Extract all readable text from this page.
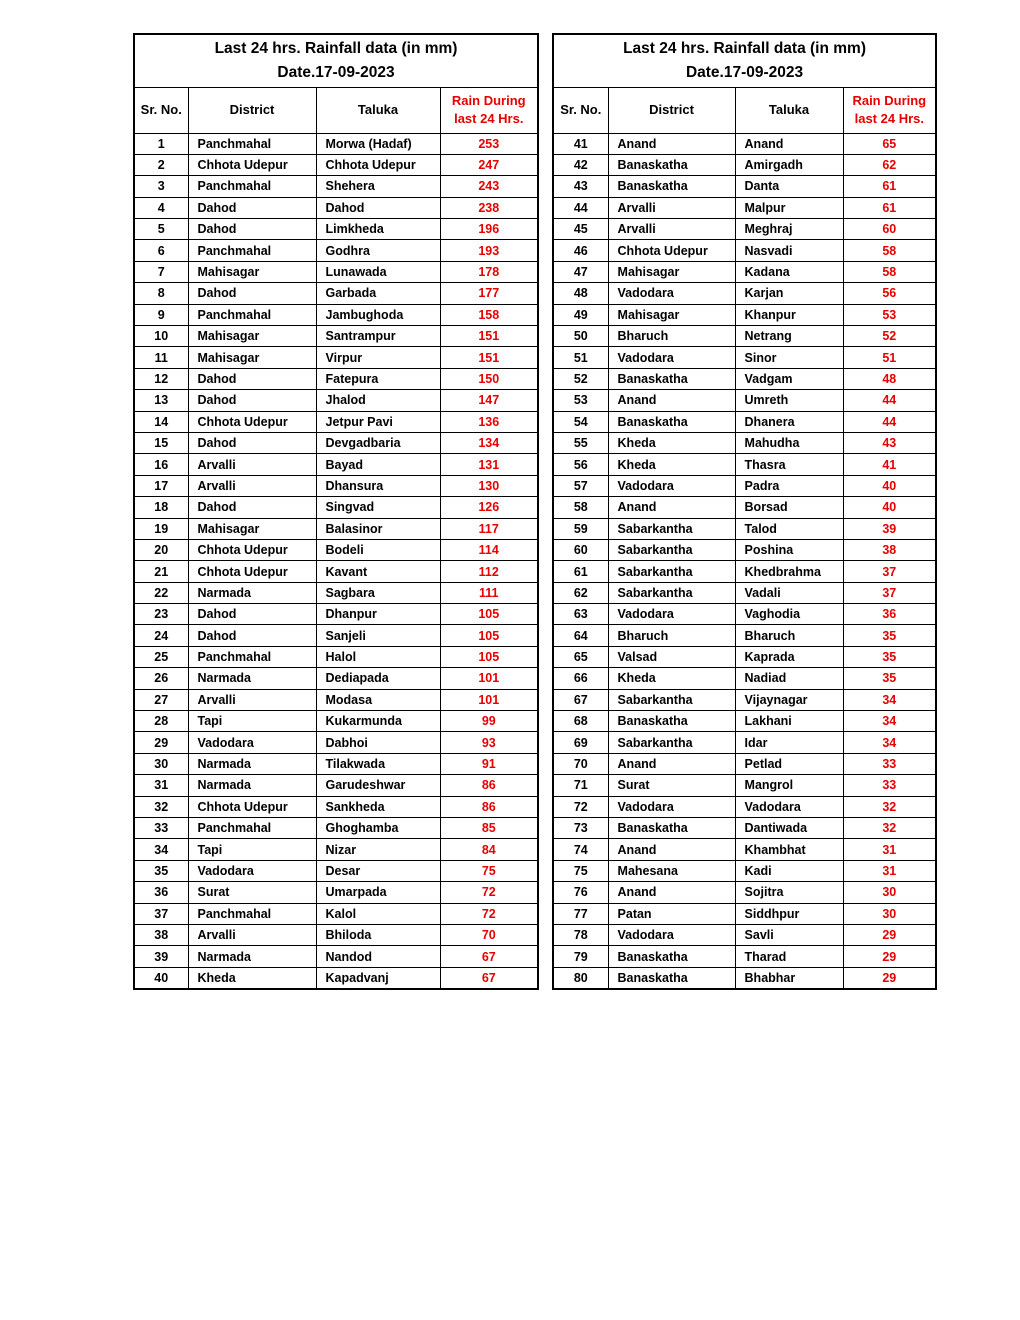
Last 24 hrs. Rainfall data (in mm)
Date.17-09-2023			

Sr. No.	District	Taluka	Rain During last 24 Hrs.
1	Panchmahal	Morwa (Hadaf)	253
2	Chhota Udepur	Chhota Udepur	247
3	Panchmahal	Shehera	243
4	Dahod	Dahod	238
5	Dahod	Limkheda	196
6	Panchmahal	Godhra	193
7	Mahisagar	Lunawada	178
8	Dahod	Garbada	177
9	Panchmahal	Jambughoda	158
10	Mahisagar	Santrampur	151
11	Mahisagar	Virpur	151
12	Dahod	Fatepura	150
13	Dahod	Jhalod	147
14	Chhota Udepur	Jetpur Pavi	136
15	Dahod	Devgadbaria	134
16	Arvalli	Bayad	131
17	Arvalli	Dhansura	130
18	Dahod	Singvad	126
19	Mahisagar	Balasinor	117
20	Chhota Udepur	Bodeli	114
21	Chhota Udepur	Kavant	112
22	Narmada	Sagbara	111
23	Dahod	Dhanpur	105
24	Dahod	Sanjeli	105
25	Panchmahal	Halol	105
26	Narmada	Dediapada	101
27	Arvalli	Modasa	101
28	Tapi	Kukarmunda	99
29	Vadodara	Dabhoi	93
30	Narmada	Tilakwada	91
31	Narmada	Garudeshwar	86
32	Chhota Udepur	Sankheda	86
33	Panchmahal	Ghoghamba	85
34	Tapi	Nizar	84
35	Vadodara	Desar	75
36	Surat	Umarpada	72
37	Panchmahal	Kalol	72
38	Arvalli	Bhiloda	70
39	Narmada	Nandod	67
40	Kheda	Kapadvanj	67
Last 24 hrs. Rainfall data (in mm)
Date.17-09-2023			

Sr. No.	District	Taluka	Rain During last 24 Hrs.
41	Anand	Anand	65
42	Banaskatha	Amirgadh	62
43	Banaskatha	Danta	61
44	Arvalli	Malpur	61
45	Arvalli	Meghraj	60
46	Chhota Udepur	Nasvadi	58
47	Mahisagar	Kadana	58
48	Vadodara	Karjan	56
49	Mahisagar	Khanpur	53
50	Bharuch	Netrang	52
51	Vadodara	Sinor	51
52	Banaskatha	Vadgam	48
53	Anand	Umreth	44
54	Banaskatha	Dhanera	44
55	Kheda	Mahudha	43
56	Kheda	Thasra	41
57	Vadodara	Padra	40
58	Anand	Borsad	40
59	Sabarkantha	Talod	39
60	Sabarkantha	Poshina	38
61	Sabarkantha	Khedbrahma	37
62	Sabarkantha	Vadali	37
63	Vadodara	Vaghodia	36
64	Bharuch	Bharuch	35
65	Valsad	Kaprada	35
66	Kheda	Nadiad	35
67	Sabarkantha	Vijaynagar	34
68	Banaskatha	Lakhani	34
69	Sabarkantha	Idar	34
70	Anand	Petlad	33
71	Surat	Mangrol	33
72	Vadodara	Vadodara	32
73	Banaskatha	Dantiwada	32
74	Anand	Khambhat	31
75	Mahesana	Kadi	31
76	Anand	Sojitra	30
77	Patan	Siddhpur	30
78	Vadodara	Savli	29
79	Banaskatha	Tharad	29
80	Banaskatha	Bhabhar	29
